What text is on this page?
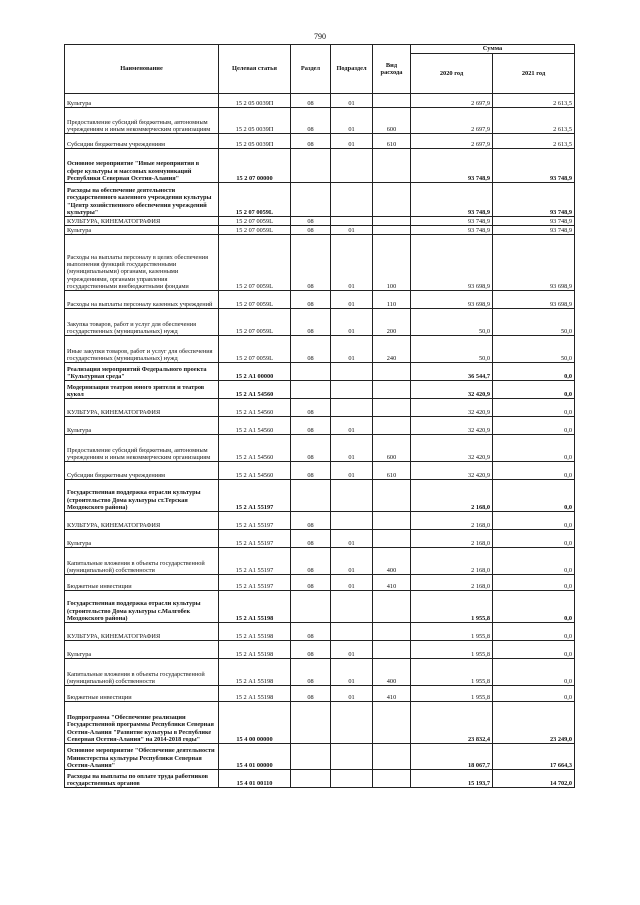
790
Наименование	Целевая статья	Раздел	Подраздел	Вид расхода	Сумма	
					2020 год	2021 год
Культура	15 2 05 0039П	08	01		2 697,9	2 613,5
Предоставление субсидий бюджетным, автономным учреждениям и иным некоммерческим организациям	15 2 05 0039П	08	01	600	2 697,9	2 613,5
Субсидии бюджетным учреждениям	15 2 05 0039П	08	01	610	2 697,9	2 613,5
Основное мероприятие "Иные мероприятия в сфере культуры и массовых коммуникаций Республики Северная Осетия-Алания"	15 2 07 00000				93 748,9	93 748,9
Расходы на обеспечение деятельности государственного казенного учреждения культуры "Центр хозяйственного обеспечения учреждений культуры"	15 2 07 0059L				93 748,9	93 748,9
КУЛЬТУРА, КИНЕМАТОГРАФИЯ	15 2 07 0059L	08			93 748,9	93 748,9
Культура	15 2 07 0059L	08	01		93 748,9	93 748,9
Расходы на выплаты персоналу в целях обеспечения выполнения функций государственными (муниципальными) органами, казенными учреждениями, органами управления государственными внебюджетными фондами	15 2 07 0059L	08	01	100	93 698,9	93 698,9
Расходы на выплаты персоналу казенных учреждений	15 2 07 0059L	08	01	110	93 698,9	93 698,9
Закупка товаров, работ и услуг для обеспечения государственных (муниципальных) нужд	15 2 07 0059L	08	01	200	50,0	50,0
Иные закупки товаров, работ и услуг для обеспечения государственных (муниципальных) нужд	15 2 07 0059L	08	01	240	50,0	50,0
Реализация мероприятий Федерального проекта "Культурная среда"	15 2 А1 00000				36 544,7	0,0
Модернизация театров юного зрителя и театров кукол	15 2 А1 54560				32 420,9	0,0
КУЛЬТУРА, КИНЕМАТОГРАФИЯ	15 2 А1 54560	08			32 420,9	0,0
Культура	15 2 А1 54560	08	01		32 420,9	0,0
Предоставление субсидий бюджетным, автономным учреждениям и иным некоммерческим организациям	15 2 А1 54560	08	01	600	32 420,9	0,0
Субсидии бюджетным учреждениям	15 2 А1 54560	08	01	610	32 420,9	0,0
Государственная поддержка отрасли культуры (строительство Дома культуры ст.Терская Моздокского района)	15 2 А1 55197				2 168,0	0,0
КУЛЬТУРА, КИНЕМАТОГРАФИЯ	15 2 А1 55197	08			2 168,0	0,0
Культура	15 2 А1 55197	08	01		2 168,0	0,0
Капитальные вложения в объекты государственной (муниципальной) собственности	15 2 А1 55197	08	01	400	2 168,0	0,0
Бюджетные инвестиции	15 2 А1 55197	08	01	410	2 168,0	0,0
Государственная поддержка отрасли культуры (строительство Дома культуры с.Малгобек Моздокского района)	15 2 А1 55198				1 955,8	0,0
КУЛЬТУРА, КИНЕМАТОГРАФИЯ	15 2 А1 55198	08			1 955,8	0,0
Культура	15 2 А1 55198	08	01		1 955,8	0,0
Капитальные вложения в объекты государственной (муниципальной) собственности	15 2 А1 55198	08	01	400	1 955,8	0,0
Бюджетные инвестиции	15 2 А1 55198	08	01	410	1 955,8	0,0
Подпрограмма "Обеспечение реализации Государственной программы Республики Северная Осетия-Алания "Развитие культуры в Республике Северная Осетия-Алания" на 2014-2018 годы"	15 4 00 00000				23 832,4	23 249,0
Основное мероприятие "Обеспечение деятельности Министерства культуры Республики Северная Осетия-Алания"	15 4 01 00000				18 067,7	17 664,3
Расходы на выплаты по оплате труда работников государственных органов	15 4 01 00110				15 193,7	14 702,0
